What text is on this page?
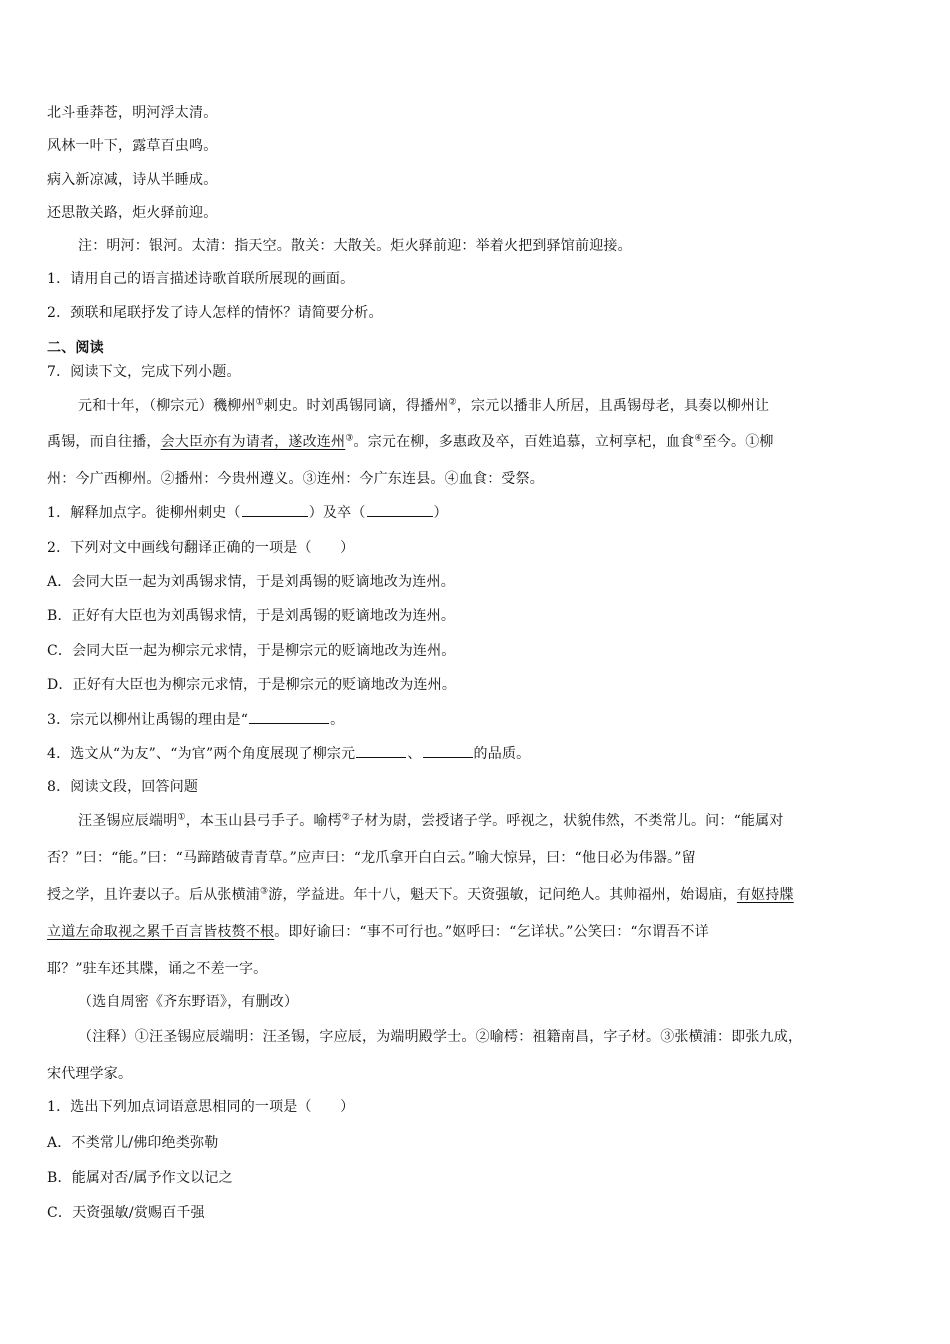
北斗垂莽苍，明河浮太清。
风林一叶下，露草百虫鸣。
病入新凉减，诗从半睡成。
还思散关路，炬火驿前迎。
注：明河：银河。太清：指天空。散关：大散关。炬火驿前迎：举着火把到驿馆前迎接。
1．请用自己的语言描述诗歌首联所展现的画面。
2．颈联和尾联抒发了诗人怎样的情怀？请简要分析。
二、阅读
7．阅读下文，完成下列小题。
元和十年，（柳宗元）穖柳州①刺史。时刘禹锡同谪，得播州②，宗元以播非人所居，且禹锡母老，具奏以柳州让
禹锡，而自往播，会大臣亦有为请者，遂改连州③。宗元在柳，多惠政及卒，百姓追慕，立柯享杞，血食④至今。①柳
州：今广西柳州。②播州：今贵州遵义。③连州：今广东连县。④血食：受祭。
1．解释加点字。徙柳州刺史（	）及卒（	）
2．下列对文中画线句翻译正确的一项是（　　）
A．会同大臣一起为刘禹锡求情，于是刘禹锡的贬谪地改为连州。
B．正好有大臣也为刘禹锡求情，于是刘禹锡的贬谪地改为连州。
C．会同大臣一起为柳宗元求情，于是柳宗元的贬谪地改为连州。
D．正好有大臣也为柳宗元求情，于是柳宗元的贬谪地改为连州。
3．宗元以柳州让禹锡的理由是“	。
4．选文从“为友”、“为官”两个角度展现了柳宗元	、	的品质。
8．阅读文段，回答问题
汪圣锡应辰端明①，本玉山县弓手子。喻樗②子材为尉，尝授诸子学。呼视之，状貌伟然，不类常儿。问：“能属对
否？”曰：“能。”曰：“马蹄踏破青青草。”应声曰：“龙爪拿开白白云。”喻大惊异，曰：“他日必为伟器。”留
授之学，且许妻以子。后从张横浦③游，学益进。年十八，魁天下。天资强敏，记问绝人。其帅福州，始谒庙，有妪持牒
立道左命取视之累千百言皆枝赘不根。即好谕曰：“事不可行也。”妪呼曰：“乞详状。”公笑曰：“尔谓吾不详
耶？”驻车还其牒，诵之不差一字。
（选自周密《齐东野语》，有删改）
（注释）①汪圣锡应辰端明：汪圣锡，字应辰，为端明殿学士。②喻樗：祖籍南昌，字子材。③张横浦：即张九成，
宋代理学家。
1．选出下列加点词语意思相同的一项是（　　）
A．不类常儿/佛印绝类弥勒
B．能属对否/属予作文以记之
C．天资强敏/赏赐百千强
